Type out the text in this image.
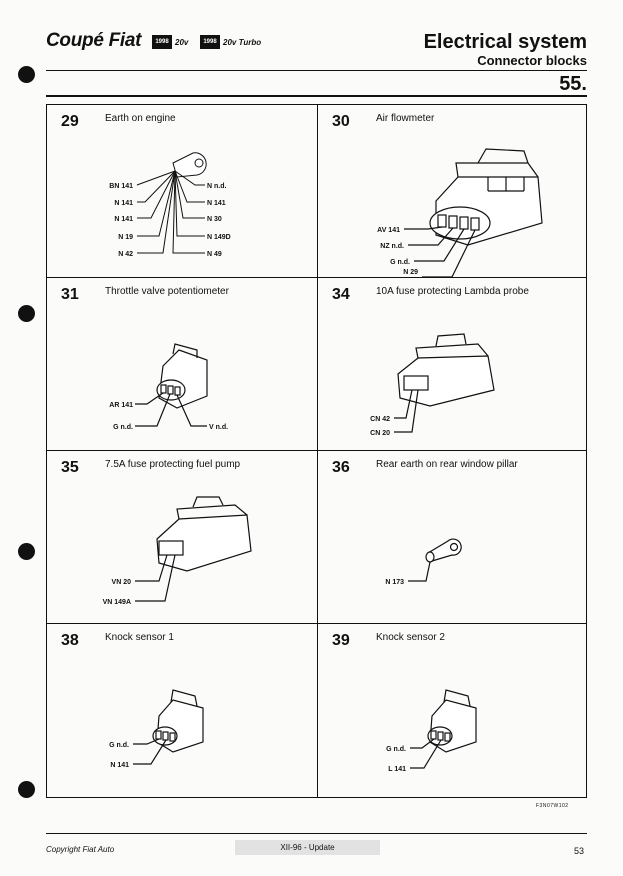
Coupé Fiat	1998 20v	1998 20v Turbo	Electrical system
Connector blocks
55.
29	Earth on engine
BN 141
N 141
N 141
N 19
N 42
N n.d.
N 141
N 30
N 149D
N 49
30	Air flowmeter
AV 141
NZ n.d.
G n.d.
N 29
31	Throttle valve potentiometer
AR 141
G n.d.	V n.d.
34	10A fuse protecting Lambda probe
CN 42
CN 20
35	7.5A fuse protecting fuel pump
VN 20
VN 149A
36	Rear earth on rear window pillar
N 173
38	Knock sensor 1
G n.d.
N 141
39	Knock sensor 2
G n.d.
L 141
F3N07W102
Copyright Fiat Auto	XII-96 - Update	53
